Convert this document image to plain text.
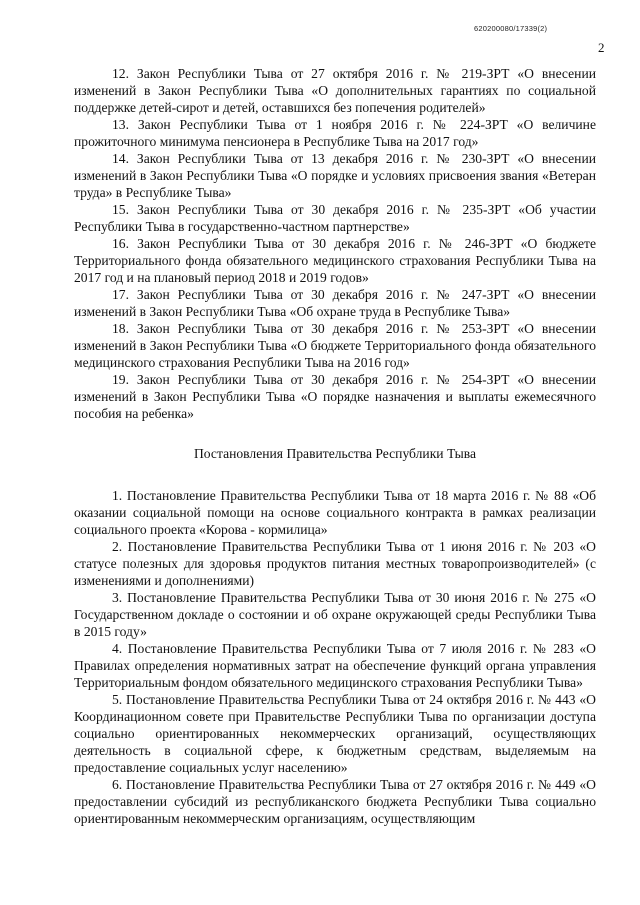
620200080/17339(2)
2

12. Закон Республики Тыва от 27 октября 2016 г. № 219-ЗРТ «О внесении изменений в Закон Республики Тыва «О дополнительных гарантиях по социальной поддержке детей-сирот и детей, оставшихся без попечения родителей»

13. Закон Республики Тыва от 1 ноября 2016 г. № 224-ЗРТ «О величине прожиточного минимума пенсионера в Республике Тыва на 2017 год»

14. Закон Республики Тыва от 13 декабря 2016 г. № 230-ЗРТ «О внесении изменений в Закон Республики Тыва «О порядке и условиях присвоения звания «Ветеран труда» в Республике Тыва»

15. Закон Республики Тыва от 30 декабря 2016 г. № 235-ЗРТ «Об участии Республики Тыва в государственно-частном партнерстве»

16. Закон Республики Тыва от 30 декабря 2016 г. № 246-ЗРТ «О бюджете Территориального фонда обязательного медицинского страхования Республики Тыва на 2017 год и на плановый период 2018 и 2019 годов»

17. Закон Республики Тыва от 30 декабря 2016 г. № 247-ЗРТ «О внесении изменений в Закон Республики Тыва «Об охране труда в Республике Тыва»

18. Закон Республики Тыва от 30 декабря 2016 г. № 253-ЗРТ «О внесении изменений в Закон Республики Тыва «О бюджете Территориального фонда обязательного медицинского страхования Республики Тыва на 2016 год»

19. Закон Республики Тыва от 30 декабря 2016 г. № 254-ЗРТ «О внесении изменений в Закон Республики Тыва «О порядке назначения и выплаты ежемесячного пособия на ребенка»

Постановления Правительства Республики Тыва

1. Постановление Правительства Республики Тыва от 18 марта 2016 г. № 88 «Об оказании социальной помощи на основе социального контракта в рамках реализации социального проекта «Корова - кормилица»

2. Постановление Правительства Республики Тыва от 1 июня 2016 г. № 203 «О статусе полезных для здоровья продуктов питания местных товаропроизводителей» (с изменениями и дополнениями)

3. Постановление Правительства Республики Тыва от 30 июня 2016 г. № 275 «О Государственном докладе о состоянии и об охране окружающей среды Республики Тыва в 2015 году»

4. Постановление Правительства Республики Тыва от 7 июля 2016 г. № 283 «О Правилах определения нормативных затрат на обеспечение функций органа управления Территориальным фондом обязательного медицинского страхования Республики Тыва»

5. Постановление Правительства Республики Тыва от 24 октября 2016 г. № 443 «О Координационном совете при Правительстве Республики Тыва по организации доступа социально ориентированных некоммерческих организаций, осуществляющих деятельность в социальной сфере, к бюджетным средствам, выделяемым на предоставление социальных услуг населению»

6. Постановление Правительства Республики Тыва от 27 октября 2016 г. № 449 «О предоставлении субсидий из республиканского бюджета Республики Тыва социально ориентированным некоммерческим организациям, осуществляющим
